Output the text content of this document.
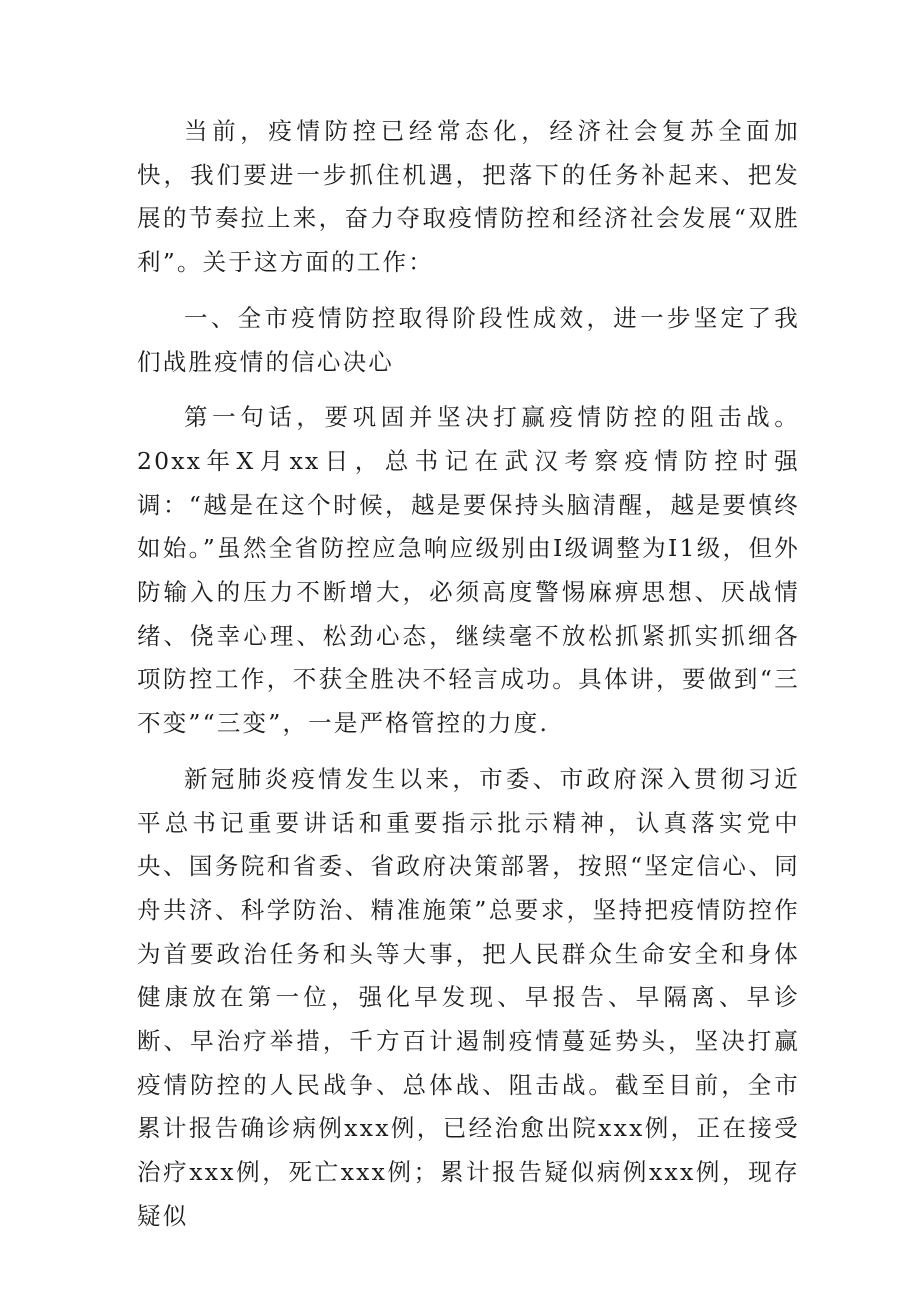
当前，疫情防控已经常态化，经济社会复苏全面加快，我们要进一步抓住机遇，把落下的任务补起来、把发展的节奏拉上来，奋力夺取疫情防控和经济社会发展“双胜利”。关于这方面的工作：

一、全市疫情防控取得阶段性成效，进一步坚定了我们战胜疫情的信心决心

第一句话，要巩固并坚决打赢疫情防控的阻击战。20xx年X月xx日，总书记在武汉考察疫情防控时强调：“越是在这个时候，越是要保持头脑清醒，越是要慎终如始。”虽然全省防控应急响应级别由I级调整为I1级，但外防输入的压力不断增大，必须高度警惕麻痹思想、厌战情绪、侥幸心理、松劲心态，继续毫不放松抓紧抓实抓细各项防控工作，不获全胜决不轻言成功。具体讲，要做到“三不变”“三变”，一是严格管控的力度.

新冠肺炎疫情发生以来，市委、市政府深入贯彻习近平总书记重要讲话和重要指示批示精神，认真落实党中央、国务院和省委、省政府决策部署，按照“坚定信心、同舟共济、科学防治、精准施策”总要求，坚持把疫情防控作为首要政治任务和头等大事，把人民群众生命安全和身体健康放在第一位，强化早发现、早报告、早隔离、早诊断、早治疗举措，千方百计遏制疫情蔓延势头，坚决打赢疫情防控的人民战争、总体战、阻击战。截至目前，全市累计报告确诊病例xxx例，已经治愈出院xxx例，正在接受治疗xxx例，死亡xxx例；累计报告疑似病例xxx例，现存疑似
